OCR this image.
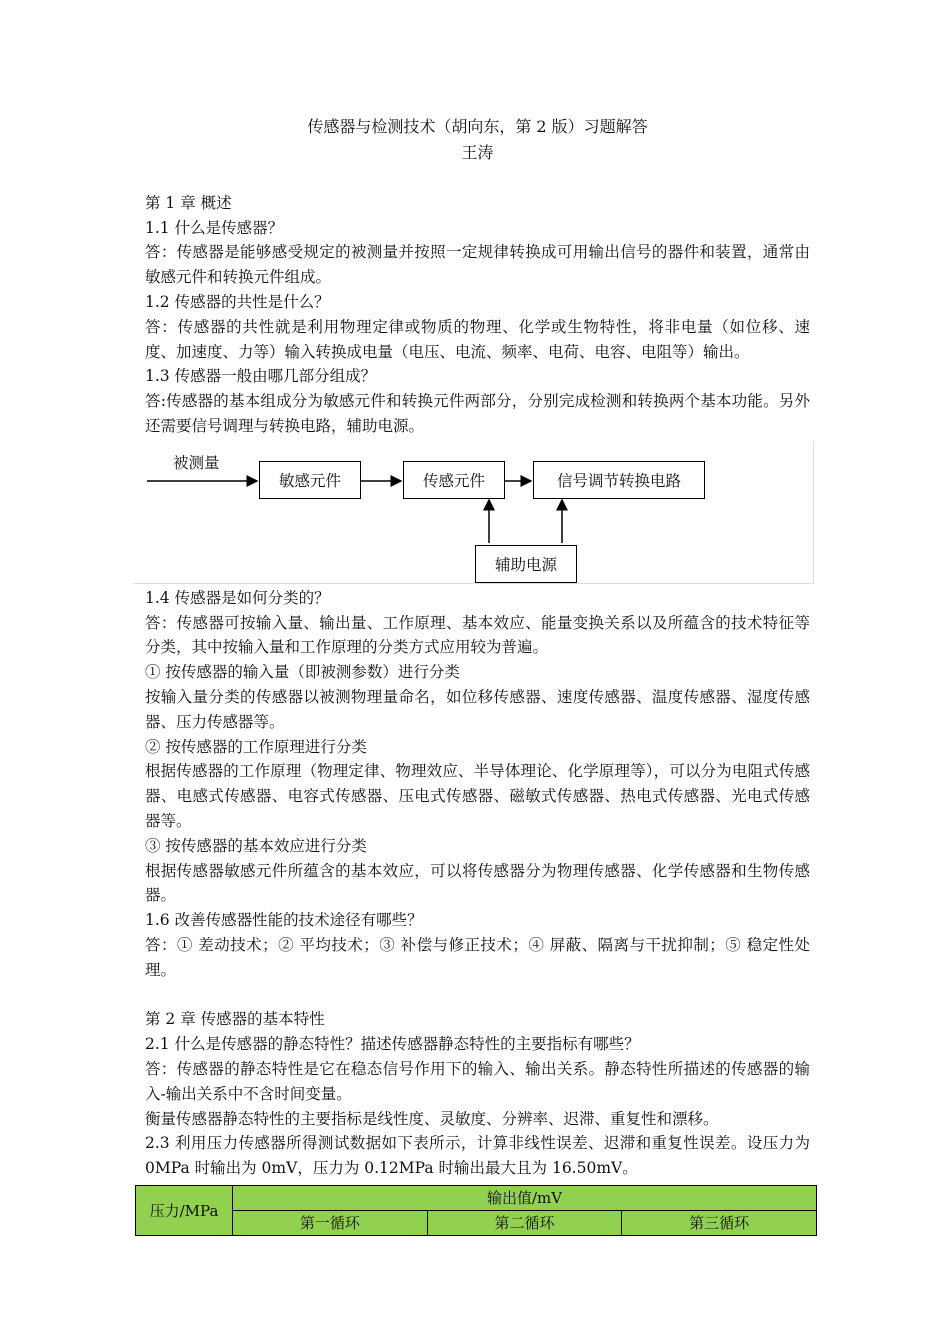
传感器与检测技术（胡向东，第 2 版）习题解答
王涛

第 1 章 概述

1.1 什么是传感器？

答：传感器是能够感受规定的被测量并按照一定规律转换成可用输出信号的器件和装置，通常由敏感元件和转换元件组成。

1.2 传感器的共性是什么？

答：传感器的共性就是利用物理定律或物质的物理、化学或生物特性，将非电量（如位移、速度、加速度、力等）输入转换成电量（电压、电流、频率、电荷、电容、电阻等）输出。

1.3 传感器一般由哪几部分组成？

答:传感器的基本组成分为敏感元件和转换元件两部分，分别完成检测和转换两个基本功能。另外还需要信号调理与转换电路，辅助电源。

被测量
敏感元件	传感元件	信号调节转换电路
辅助电源

1.4 传感器是如何分类的？

答：传感器可按输入量、输出量、工作原理、基本效应、能量变换关系以及所蕴含的技术特征等分类，其中按输入量和工作原理的分类方式应用较为普遍。

① 按传感器的输入量（即被测参数）进行分类

按输入量分类的传感器以被测物理量命名，如位移传感器、速度传感器、温度传感器、湿度传感器、压力传感器等。

② 按传感器的工作原理进行分类

根据传感器的工作原理（物理定律、物理效应、半导体理论、化学原理等），可以分为电阻式传感器、电感式传感器、电容式传感器、压电式传感器、磁敏式传感器、热电式传感器、光电式传感器等。

③ 按传感器的基本效应进行分类

根据传感器敏感元件所蕴含的基本效应，可以将传感器分为物理传感器、化学传感器和生物传感器。

1.6 改善传感器性能的技术途径有哪些？

答：① 差动技术；② 平均技术；③ 补偿与修正技术；④ 屏蔽、隔离与干扰抑制；⑤ 稳定性处理。

第 2 章 传感器的基本特性

2.1 什么是传感器的静态特性？描述传感器静态特性的主要指标有哪些？

答：传感器的静态特性是它在稳态信号作用下的输入、输出关系。静态特性所描述的传感器的输入-输出关系中不含时间变量。

衡量传感器静态特性的主要指标是线性度、灵敏度、分辨率、迟滞、重复性和漂移。

2.3 利用压力传感器所得测试数据如下表所示，计算非线性误差、迟滞和重复性误差。设压力为 0MPa 时输出为 0mV，压力为 0.12MPa 时输出最大且为 16.50mV。

压力/MPa	输出值/mV		
	第一循环	第二循环	第三循环
